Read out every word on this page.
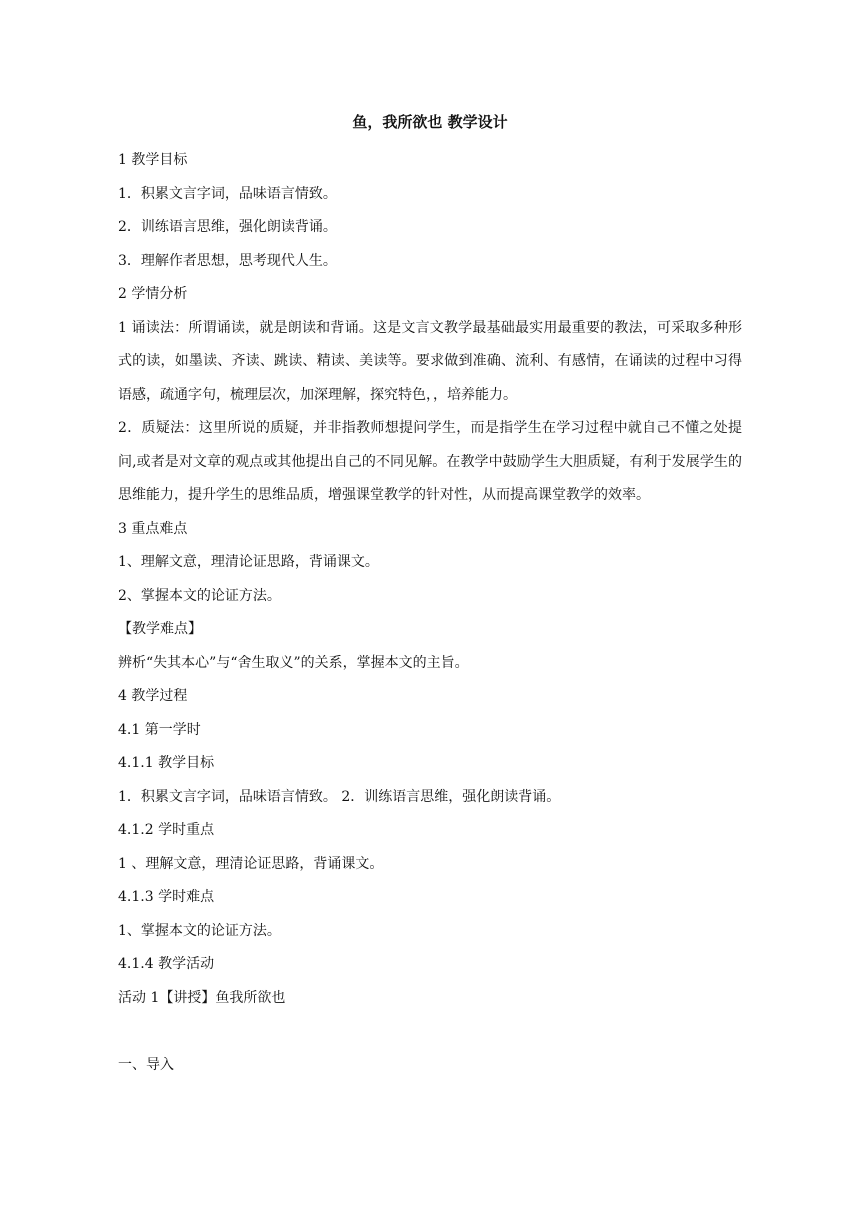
鱼，我所欲也 教学设计

1 教学目标

1．积累文言字词，品味语言情致。

2．训练语言思维，强化朗读背诵。

3．理解作者思想，思考现代人生。

2 学情分析

1 诵读法：所谓诵读，就是朗读和背诵。这是文言文教学最基础最实用最重要的教法，可采取多种形式的读，如墨读、齐读、跳读、精读、美读等。要求做到准确、流利、有感情，在诵读的过程中习得语感，疏通字句，梳理层次，加深理解，探究特色，，培养能力。

2．质疑法：这里所说的质疑，并非指教师想提问学生，而是指学生在学习过程中就自己不懂之处提问,或者是对文章的观点或其他提出自己的不同见解。在教学中鼓励学生大胆质疑，有利于发展学生的思维能力，提升学生的思维品质，增强课堂教学的针对性，从而提高课堂教学的效率。

3 重点难点

1、理解文意，理清论证思路，背诵课文。

2、掌握本文的论证方法。

【教学难点】

辨析“失其本心”与“舍生取义”的关系，掌握本文的主旨。

4 教学过程

4.1 第一学时

4.1.1 教学目标

1．积累文言字词，品味语言情致。 2．训练语言思维，强化朗读背诵。

4.1.2 学时重点

1 、理解文意，理清论证思路，背诵课文。

4.1.3 学时难点

1、掌握本文的论证方法。

4.1.4 教学活动

活动 1【讲授】鱼我所欲也

一、导入
